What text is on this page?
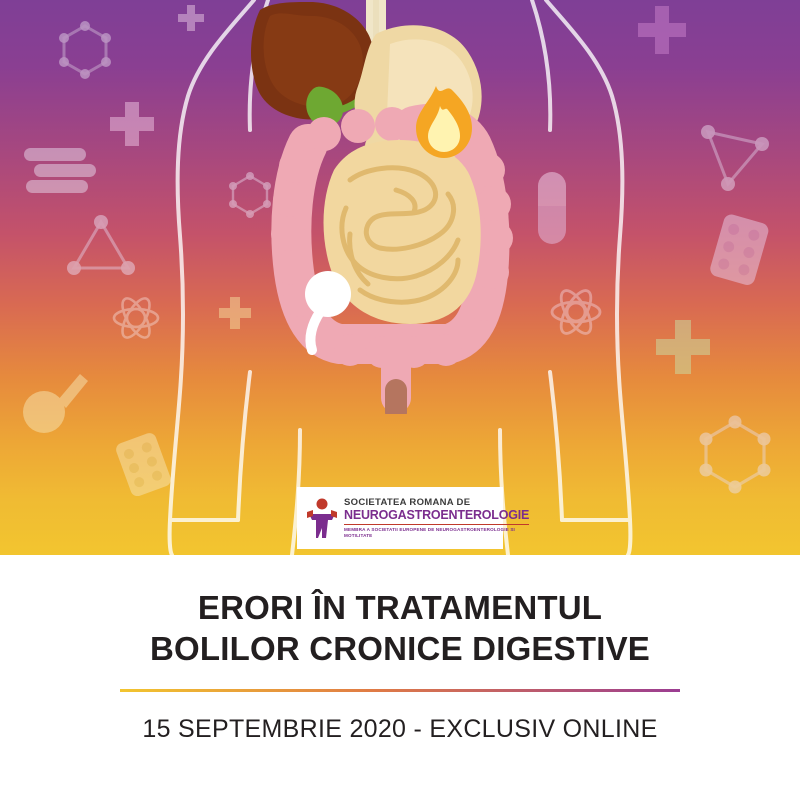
SOCIETATEA ROMANA DE
NEUROGASTROENTEROLOGIE
MEMBRA A SOCIETATII EUROPENE DE NEUROGASTROENTEROLOGIE SI MOTILITATE
ERORI ÎN TRATAMENTUL
BOLILOR CRONICE DIGESTIVE
15 SEPTEMBRIE 2020 - EXCLUSIV ONLINE
